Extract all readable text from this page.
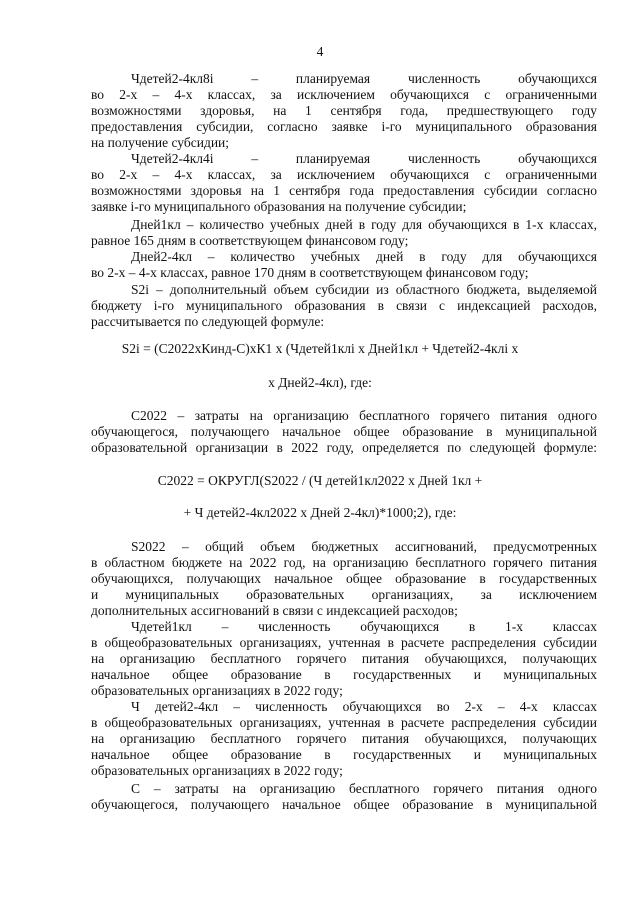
4
Чдетей2-4кл8i – планируемая численность обучающихся
во 2-х – 4-х классах, за исключением обучающихся с ограниченными
возможностями здоровья, на 1 сентября года, предшествующего году
предоставления субсидии, согласно заявке i-го муниципального образования
на получение субсидии;
Чдетей2-4кл4i – планируемая численность обучающихся
во 2-х – 4-х классах, за исключением обучающихся с ограниченными
возможностями здоровья на 1 сентября года предоставления субсидии согласно
заявке i-го муниципального образования на получение субсидии;
Дней1кл – количество учебных дней в году для обучающихся в 1-х классах,
равное 165 дням в соответствующем финансовом году;
Дней2-4кл – количество учебных дней в году для обучающихся
во 2-х – 4-х классах, равное 170 дням в соответствующем финансовом году;
S2i – дополнительный объем субсидии из областного бюджета, выделяемой
бюджету i-го муниципального образования в связи с индексацией расходов,
рассчитывается по следующей формуле:
S2i = (С2022хКинд-С)хК1 х (Чдетей1клi х Дней1кл + Чдетей2-4клi х
х Дней2-4кл), где:
С2022 – затраты на организацию бесплатного горячего питания одного
обучающегося, получающего начальное общее образование в муниципальной
образовательной организации в 2022 году, определяется по следующей формуле:
С2022 = ОКРУГЛ(S2022 / (Ч детей1кл2022 х Дней 1кл +
+ Ч детей2-4кл2022 х Дней 2-4кл)*1000;2), где:
S2022 – общий объем бюджетных ассигнований, предусмотренных
в областном бюджете на 2022 год, на организацию бесплатного горячего питания
обучающихся, получающих начальное общее образование в государственных
и муниципальных образовательных организациях, за исключением
дополнительных ассигнований в связи с индексацией расходов;
Чдетей1кл – численность обучающихся в 1-х классах
в общеобразовательных организациях, учтенная в расчете распределения субсидии
на организацию бесплатного горячего питания обучающихся, получающих
начальное общее образование в государственных и муниципальных
образовательных организациях в 2022 году;
Ч детей2-4кл – численность обучающихся во 2-х – 4-х классах
в общеобразовательных организациях, учтенная в расчете распределения субсидии
на организацию бесплатного горячего питания обучающихся, получающих
начальное общее образование в государственных и муниципальных
образовательных организациях в 2022 году;
С – затраты на организацию бесплатного горячего питания одного
обучающегося, получающего начальное общее образование в муниципальной
